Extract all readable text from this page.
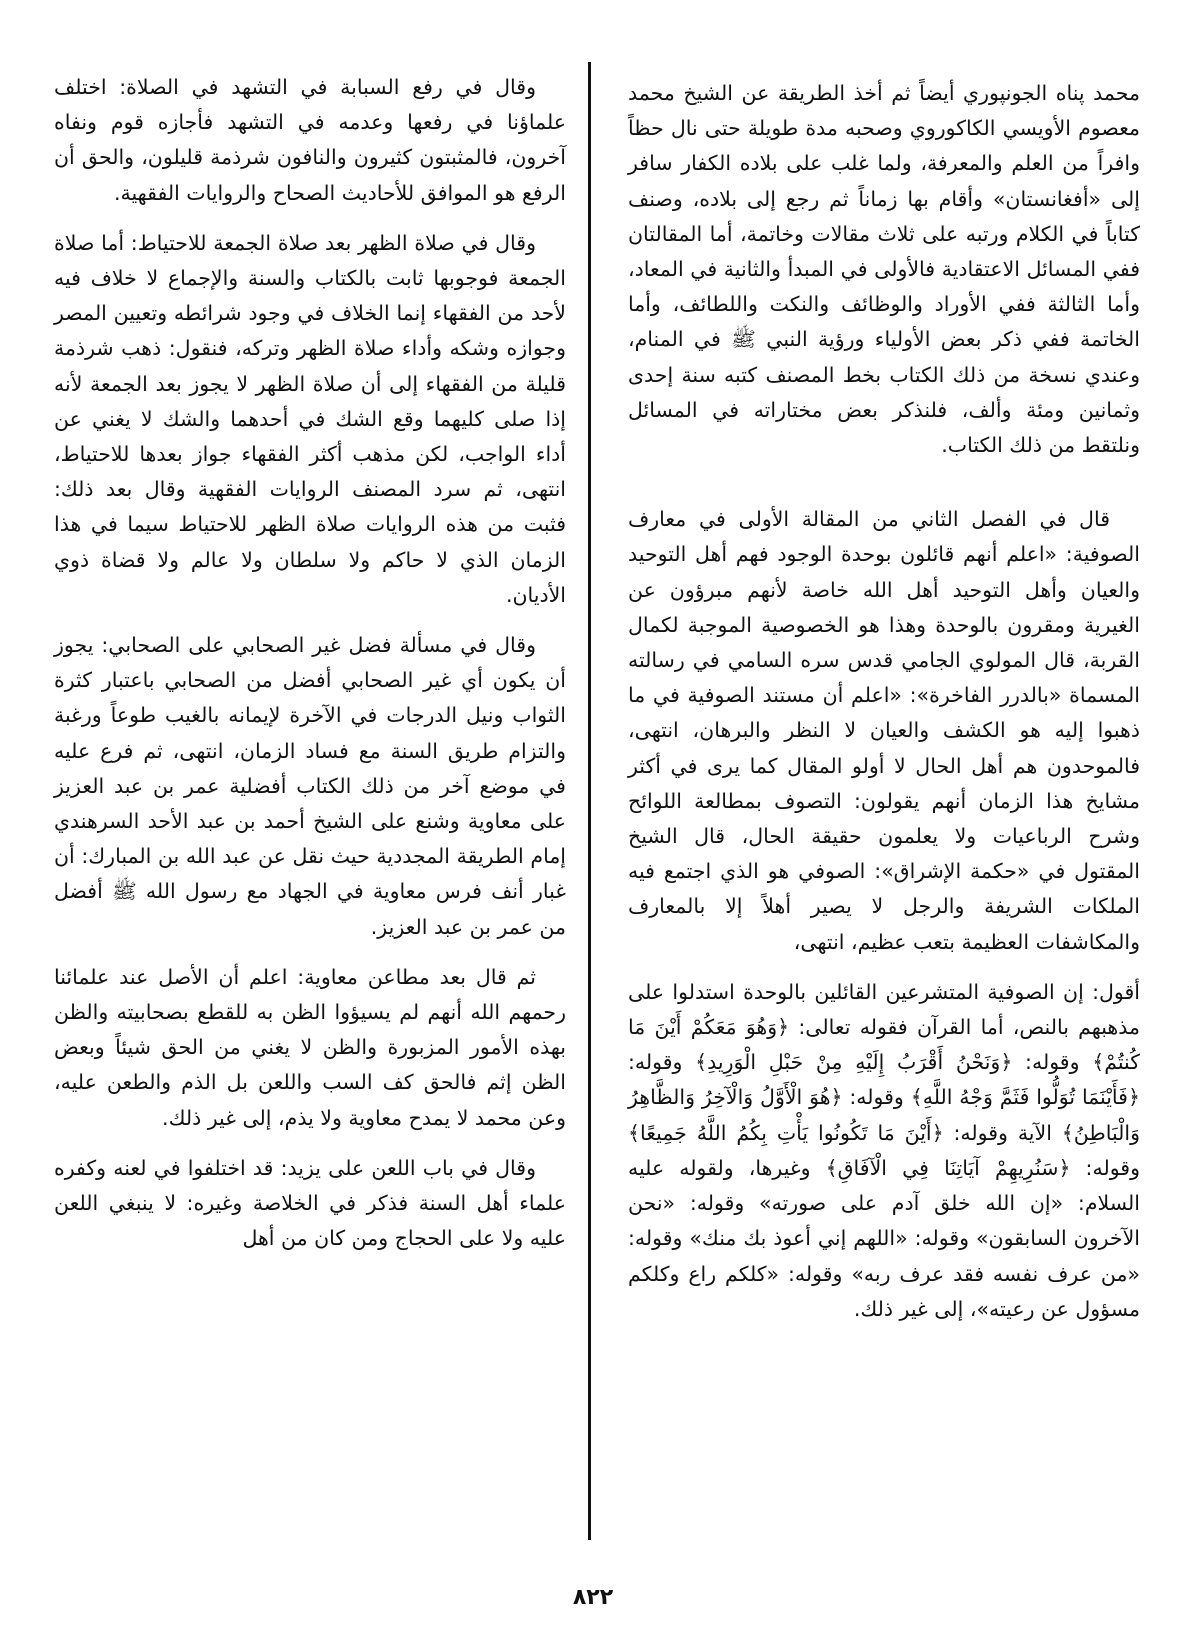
محمد پناه الجونپوري أيضاً ثم أخذ الطريقة عن الشيخ محمد معصوم الأويسي الكاكوروي وصحبه مدة طويلة حتى نال حظاً وافراً من العلم والمعرفة، ولما غلب على بلاده الكفار سافر إلى «أفغانستان» وأقام بها زماناً ثم رجع إلى بلاده، وصنف كتاباً في الكلام ورتبه على ثلاث مقالات وخاتمة، أما المقالتان ففي المسائل الاعتقادية فالأولى في المبدأ والثانية في المعاد، وأما الثالثة ففي الأوراد والوظائف والنكت واللطائف، وأما الخاتمة ففي ذكر بعض الأولياء ورؤية النبي ﷺ في المنام، وعندي نسخة من ذلك الكتاب بخط المصنف كتبه سنة إحدى وثمانين ومئة وألف، فلنذكر بعض مختاراته في المسائل ونلتقط من ذلك الكتاب.

قال في الفصل الثاني من المقالة الأولى في معارف الصوفية: «اعلم أنهم قائلون بوحدة الوجود فهم أهل التوحيد والعيان وأهل التوحيد أهل الله خاصة لأنهم مبرؤون عن الغيرية ومقرون بالوحدة وهذا هو الخصوصية الموجبة لكمال القربة، قال المولوي الجامي قدس سره السامي في رسالته المسماة «بالدرر الفاخرة»: «اعلم أن مستند الصوفية في ما ذهبوا إليه هو الكشف والعيان لا النظر والبرهان، انتهى، فالموحدون هم أهل الحال لا أولو المقال كما يرى في أكثر مشايخ هذا الزمان أنهم يقولون: التصوف بمطالعة اللوائح وشرح الرباعيات ولا يعلمون حقيقة الحال، قال الشيخ المقتول في «حكمة الإشراق»: الصوفي هو الذي اجتمع فيه الملكات الشريفة والرجل لا يصير أهلاً إلا بالمعارف والمكاشفات العظيمة بتعب عظيم، انتهى،

أقول: إن الصوفية المتشرعين القائلين بالوحدة استدلوا على مذهبهم بالنص، أما القرآن فقوله تعالى: ﴿وَهُوَ مَعَكُمْ أَيْنَ مَا كُنتُمْ﴾ وقوله: ﴿وَنَحْنُ أَقْرَبُ إِلَيْهِ مِنْ حَبْلِ الْوَرِيدِ﴾ وقوله: ﴿فَأَيْنَمَا تُوَلُّوا فَثَمَّ وَجْهُ اللَّهِ﴾ وقوله: ﴿هُوَ الْأَوَّلُ وَالْآخِرُ وَالظَّاهِرُ وَالْبَاطِنُ﴾ الآية وقوله: ﴿أَيْنَ مَا تَكُونُوا يَأْتِ بِكُمُ اللَّهُ جَمِيعًا﴾ وقوله: ﴿سَنُرِيهِمْ آيَاتِنَا فِي الْآفَاقِ﴾ وغيرها، ولقوله عليه السلام: «إن الله خلق آدم على صورته» وقوله: «نحن الآخرون السابقون» وقوله: «اللهم إني أعوذ بك منك» وقوله: «من عرف نفسه فقد عرف ربه» وقوله: «كلكم راع وكلكم مسؤول عن رعيته»، إلى غير ذلك.

وقال في رفع السبابة في التشهد في الصلاة: اختلف علماؤنا في رفعها وعدمه في التشهد فأجازه قوم ونفاه آخرون، فالمثبتون كثيرون والنافون شرذمة قليلون، والحق أن الرفع هو الموافق للأحاديث الصحاح والروايات الفقهية.

وقال في صلاة الظهر بعد صلاة الجمعة للاحتياط: أما صلاة الجمعة فوجوبها ثابت بالكتاب والسنة والإجماع لا خلاف فيه لأحد من الفقهاء إنما الخلاف في وجود شرائطه وتعيين المصر وجوازه وشكه وأداء صلاة الظهر وتركه، فنقول: ذهب شرذمة قليلة من الفقهاء إلى أن صلاة الظهر لا يجوز بعد الجمعة لأنه إذا صلى كليهما وقع الشك في أحدهما والشك لا يغني عن أداء الواجب، لكن مذهب أكثر الفقهاء جواز بعدها للاحتياط، انتهى، ثم سرد المصنف الروايات الفقهية وقال بعد ذلك: فثبت من هذه الروايات صلاة الظهر للاحتياط سيما في هذا الزمان الذي لا حاكم ولا سلطان ولا عالم ولا قضاة ذوي الأديان.

وقال في مسألة فضل غير الصحابي على الصحابي: يجوز أن يكون أي غير الصحابي أفضل من الصحابي باعتبار كثرة الثواب ونيل الدرجات في الآخرة لإيمانه بالغيب طوعاً ورغبة والتزام طريق السنة مع فساد الزمان، انتهى، ثم فرع عليه في موضع آخر من ذلك الكتاب أفضلية عمر بن عبد العزيز على معاوية وشنع على الشيخ أحمد بن عبد الأحد السرهندي إمام الطريقة المجددية حيث نقل عن عبد الله بن المبارك: أن غبار أنف فرس معاوية في الجهاد مع رسول الله ﷺ أفضل من عمر بن عبد العزيز.

ثم قال بعد مطاعن معاوية: اعلم أن الأصل عند علمائنا رحمهم الله أنهم لم يسيؤوا الظن به للقطع بصحابيته والظن بهذه الأمور المزبورة والظن لا يغني من الحق شيئاً وبعض الظن إثم فالحق كف السب واللعن بل الذم والطعن عليه، وعن محمد لا يمدح معاوية ولا يذم، إلى غير ذلك.

وقال في باب اللعن على يزيد: قد اختلفوا في لعنه وكفره علماء أهل السنة فذكر في الخلاصة وغيره: لا ينبغي اللعن عليه ولا على الحجاج ومن كان من أهل

٨٢٢
